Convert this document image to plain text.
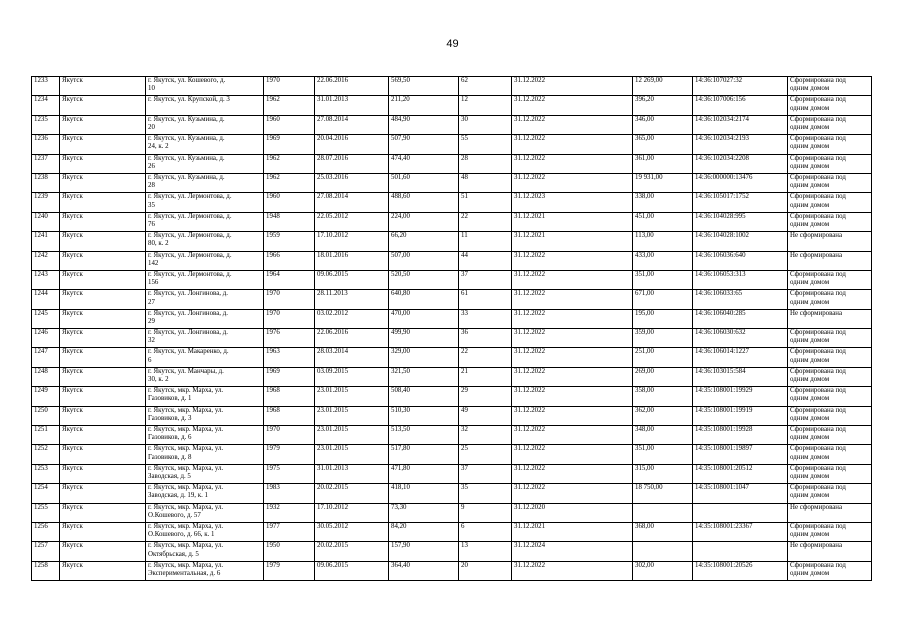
49
1233	Якутск	г. Якутск, ул. Кошевого, д.
10	1970	22.06.2016	569,50	62	31.12.2022	12 269,00	14:36:107027:32	Сформирована под
одним домом
1234	Якутск	г. Якутск, ул. Крупской, д. 3	1962	31.01.2013	211,20	12	31.12.2022	396,20	14:36:107006:156	Сформирована под
одним домом
1235	Якутск	г. Якутск, ул. Кузьмина, д.
20	1960	27.08.2014	484,90	30	31.12.2022	346,00	14:36:102034:2174	Сформирована под
одним домом
1236	Якутск	г. Якутск, ул. Кузьмина, д.
24, к. 2	1969	20.04.2016	507,90	55	31.12.2022	365,00	14:36:102034:2193	Сформирована под
одним домом
1237	Якутск	г. Якутск, ул. Кузьмина, д.
26	1962	28.07.2016	474,40	28	31.12.2022	361,00	14:36:102034:2208	Сформирована под
одним домом
1238	Якутск	г. Якутск, ул. Кузьмина, д.
28	1962	25.03.2016	501,60	48	31.12.2022	19 931,00	14:36:000000:13476	Сформирована под
одним домом
1239	Якутск	г. Якутск, ул. Лермонтова, д.
35	1960	27.08.2014	488,60	51	31.12.2023	338,00	14:36:105017:1752	Сформирована под
одним домом
1240	Якутск	г. Якутск, ул. Лермонтова, д.
76	1948	22.05.2012	224,00	22	31.12.2021	451,00	14:36:104028:995	Сформирована под
одним домом
1241	Якутск	г. Якутск, ул. Лермонтова, д.
80, к. 2	1959	17.10.2012	66,20	11	31.12.2021	113,00	14:36:104028:1002	Не сформирована
1242	Якутск	г. Якутск, ул. Лермонтова, д.
142	1966	18.01.2016	507,00	44	31.12.2022	433,00	14:36:106036:640	Не сформирована
1243	Якутск	г. Якутск, ул. Лермонтова, д.
156	1964	09.06.2015	520,50	37	31.12.2022	351,00	14:36:106053:313	Сформирована под
одним домом
1244	Якутск	г. Якутск, ул. Лонгинова, д.
27	1970	28.11.2013	640,80	61	31.12.2022	671,00	14:36:106033:65	Сформирована под
одним домом
1245	Якутск	г. Якутск, ул. Лонгинова, д.
29	1970	03.02.2012	470,00	33	31.12.2022	195,00	14:36:106040:285	Не сформирована
1246	Якутск	г. Якутск, ул. Лонгинова, д.
32	1976	22.06.2016	499,90	36	31.12.2022	359,00	14:36:106030:632	Сформирована под
одним домом
1247	Якутск	г. Якутск, ул. Макаренко, д.
6	1963	28.03.2014	329,00	22	31.12.2022	251,00	14:36:106014:1227	Сформирована под
одним домом
1248	Якутск	г. Якутск, ул. Манчары, д.
30, к. 2	1969	03.09.2015	321,50	21	31.12.2022	269,00	14:36:103015:584	Сформирована под
одним домом
1249	Якутск	г. Якутск, мкр. Марха, ул.
Газовиков, д. 1	1968	23.01.2015	508,40	29	31.12.2022	358,00	14:35:108001:19929	Сформирована под
одним домом
1250	Якутск	г. Якутск, мкр. Марха, ул.
Газовиков, д. 3	1968	23.01.2015	510,30	49	31.12.2022	362,00	14:35:108001:19919	Сформирована под
одним домом
1251	Якутск	г. Якутск, мкр. Марха, ул.
Газовиков, д. 6	1970	23.01.2015	513,50	32	31.12.2022	348,00	14:35:108001:19928	Сформирована под
одним домом
1252	Якутск	г. Якутск, мкр. Марха, ул.
Газовиков, д. 8	1979	23.01.2015	517,80	25	31.12.2022	351,00	14:35:108001:19897	Сформирована под
одним домом
1253	Якутск	г. Якутск, мкр. Марха, ул.
Заводская, д. 5	1975	31.01.2013	471,80	37	31.12.2022	315,00	14:35:108001:20512	Сформирована под
одним домом
1254	Якутск	г. Якутск, мкр. Марха, ул.
Заводская, д. 19, к. 1	1983	20.02.2015	418,10	35	31.12.2022	18 750,00	14:35:108001:1047	Сформирована под
одним домом
1255	Якутск	г. Якутск, мкр. Марха, ул.
О.Кошевого, д. 57	1932	17.10.2012	73,30	9	31.12.2020			Не сформирована
1256	Якутск	г. Якутск, мкр. Марха, ул.
О.Кошевого, д. 66, к. 1	1977	30.05.2012	84,20	6	31.12.2021	368,00	14:35:108001:23367	Сформирована под
одним домом
1257	Якутск	г. Якутск, мкр. Марха, ул.
Октябрьская, д. 5	1950	20.02.2015	157,90	13	31.12.2024			Не сформирована
1258	Якутск	г. Якутск, мкр. Марха, ул.
Экспериментальная, д. 6	1979	09.06.2015	364,40	20	31.12.2022	302,00	14:35:108001:20526	Сформирована под
одним домом
